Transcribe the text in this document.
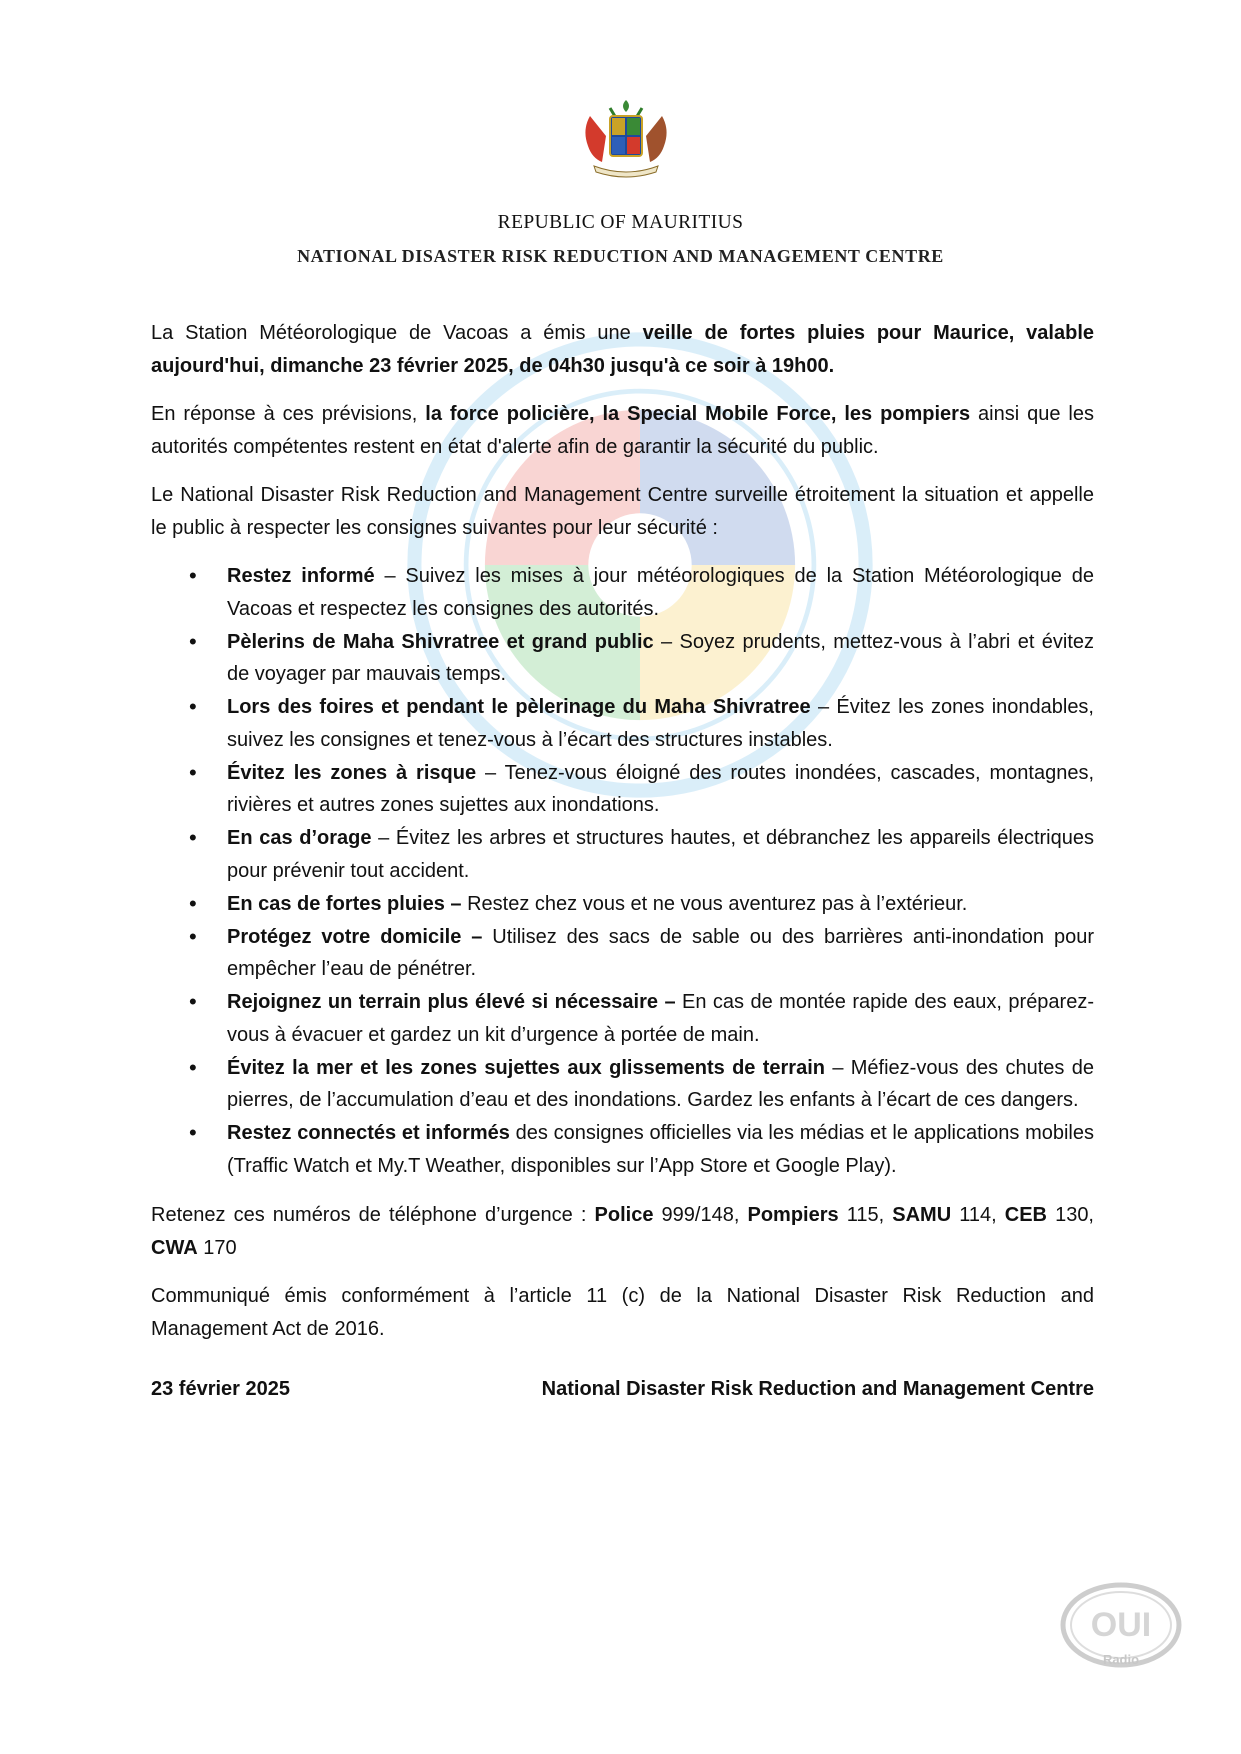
REPUBLIC OF MAURITIUS
NATIONAL DISASTER RISK REDUCTION AND MANAGEMENT CENTRE

La Station Météorologique de Vacoas a émis une veille de fortes pluies pour Maurice, valable aujourd'hui, dimanche 23 février 2025, de 04h30 jusqu'à ce soir à 19h00.

En réponse à ces prévisions, la force policière, la Special Mobile Force, les pompiers ainsi que les autorités compétentes restent en état d'alerte afin de garantir la sécurité du public.

Le National Disaster Risk Reduction and Management Centre surveille étroitement la situation et appelle le public à respecter les consignes suivantes pour leur sécurité :

• Restez informé – Suivez les mises à jour météorologiques de la Station Météorologique de Vacoas et respectez les consignes des autorités.
• Pèlerins de Maha Shivratree et grand public – Soyez prudents, mettez-vous à l’abri et évitez de voyager par mauvais temps.
• Lors des foires et pendant le pèlerinage du Maha Shivratree – Évitez les zones inondables, suivez les consignes et tenez-vous à l’écart des structures instables.
• Évitez les zones à risque – Tenez-vous éloigné des routes inondées, cascades, montagnes, rivières et autres zones sujettes aux inondations.
• En cas d’orage – Évitez les arbres et structures hautes, et débranchez les appareils électriques pour prévenir tout accident.
• En cas de fortes pluies – Restez chez vous et ne vous aventurez pas à l’extérieur.
• Protégez votre domicile – Utilisez des sacs de sable ou des barrières anti-inondation pour empêcher l’eau de pénétrer.
• Rejoignez un terrain plus élevé si nécessaire – En cas de montée rapide des eaux, préparez-vous à évacuer et gardez un kit d’urgence à portée de main.
• Évitez la mer et les zones sujettes aux glissements de terrain – Méfiez-vous des chutes de pierres, de l’accumulation d’eau et des inondations. Gardez les enfants à l’écart de ces dangers.
• Restez connectés et informés des consignes officielles via les médias et le applications mobiles (Traffic Watch et My.T Weather, disponibles sur l’App Store et Google Play).

Retenez ces numéros de téléphone d’urgence : Police 999/148, Pompiers 115, SAMU 114, CEB 130, CWA 170

Communiqué émis conformément à l’article 11 (c) de la National Disaster Risk Reduction and Management Act de 2016.

23 février 2025	National Disaster Risk Reduction and Management Centre
OUI
Radio
